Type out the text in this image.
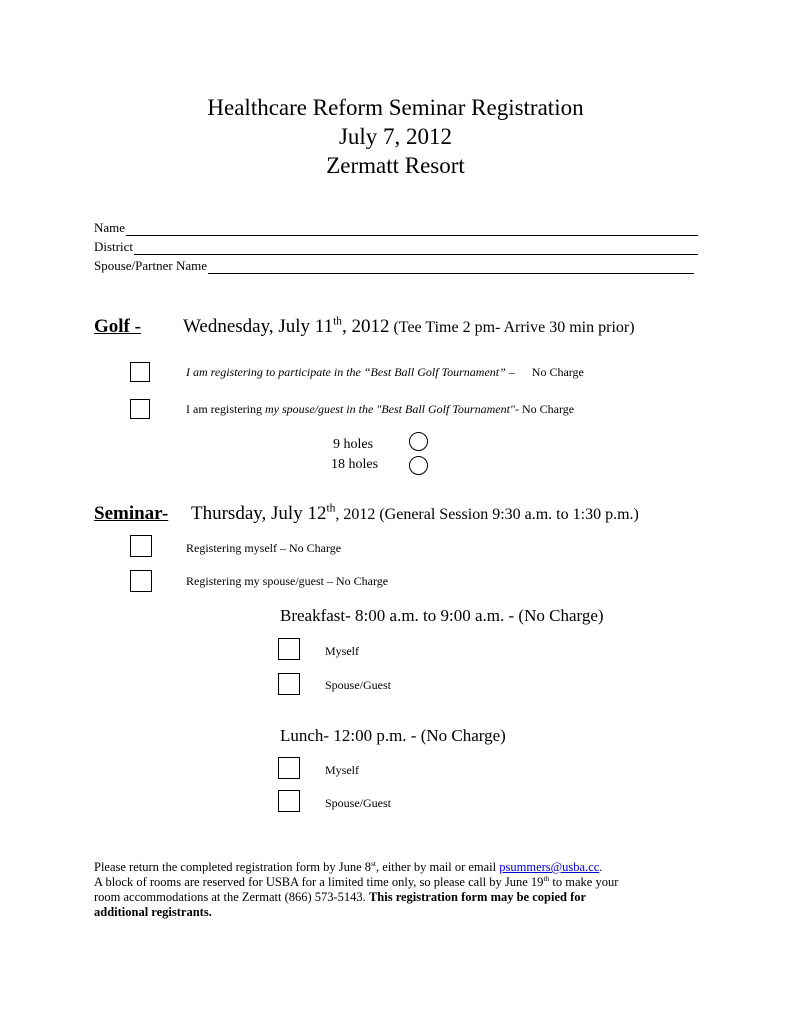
Healthcare Reform Seminar Registration
July 7, 2012
Zermatt Resort
Name
District
Spouse/Partner Name
Golf - Wednesday, July 11th, 2012 (Tee Time 2 pm- Arrive 30 min prior)
I am registering to participate in the “Best Ball Golf Tournament” – No Charge
I am registering my spouse/guest in the "Best Ball Golf Tournament"- No Charge
9 holes
18 holes
Seminar- Thursday, July 12th, 2012 (General Session 9:30 a.m. to 1:30 p.m.)
Registering myself – No Charge
Registering my spouse/guest – No Charge
Breakfast- 8:00 a.m. to 9:00 a.m. - (No Charge)
Myself
Spouse/Guest
Lunch- 12:00 p.m. - (No Charge)
Myself
Spouse/Guest
Please return the completed registration form by June 8st, either by mail or email psummers@usba.cc.
A block of rooms are reserved for USBA for a limited time only, so please call by June 19th to make your
room accommodations at the Zermatt (866) 573-5143. This registration form may be copied for
additional registrants.
